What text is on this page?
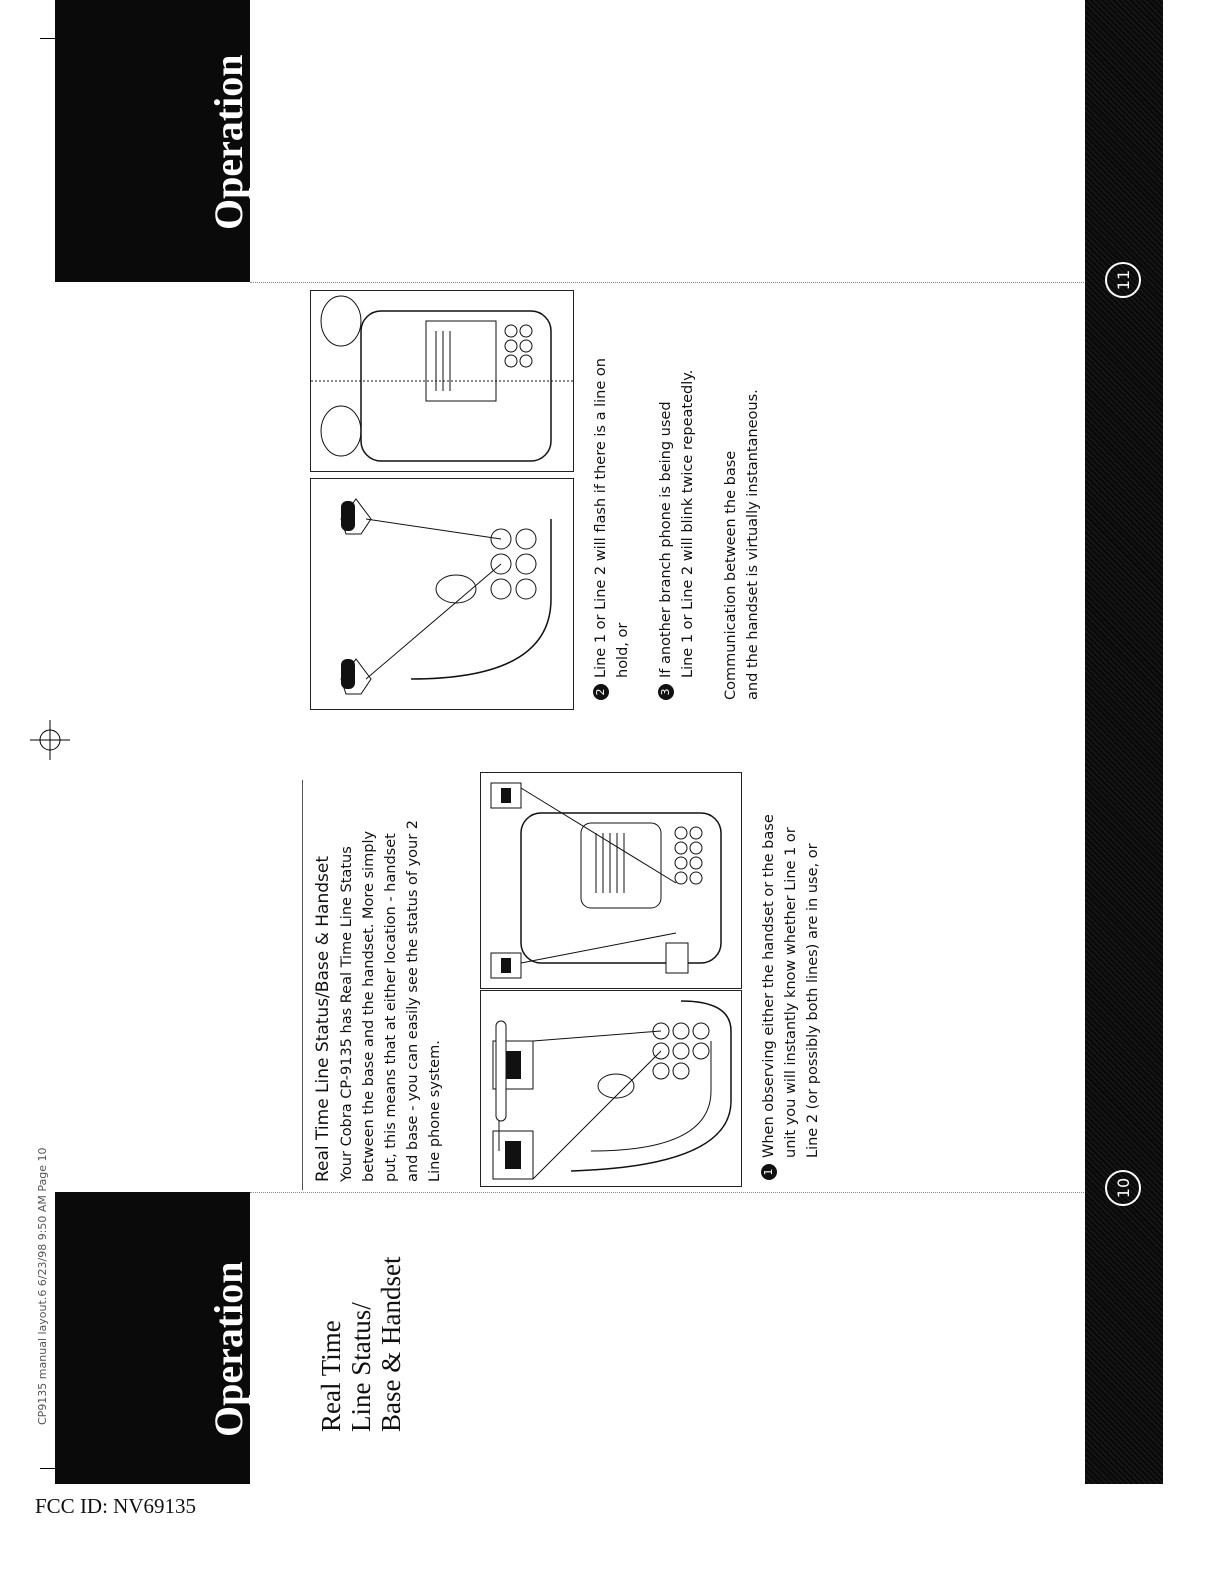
CP9135 manual layout.6 6/23/98 9:50 AM Page 10	Operation
Operation
10
11
Real Time Line Status/ Base & Handset
Real Time Line Status/Base & Handset Your Cobra CP-9135 has Real Time Line Status between the base and the handset. More simply put, this means that at either location - handset and base - you can easily see the status of your 2 Line phone system.	1When observing either the handset or the base unit you will instantly know whether Line 1 or Line 2 (or possibly both lines) are in use, or
2Line 1 or Line 2 will flash if there is a line on hold, or
3If another branch phone is being used Line 1 or Line 2 will blink twice repeatedly. Communication between the base and the handset is virtually instantaneous.
FCC ID: NV69135
